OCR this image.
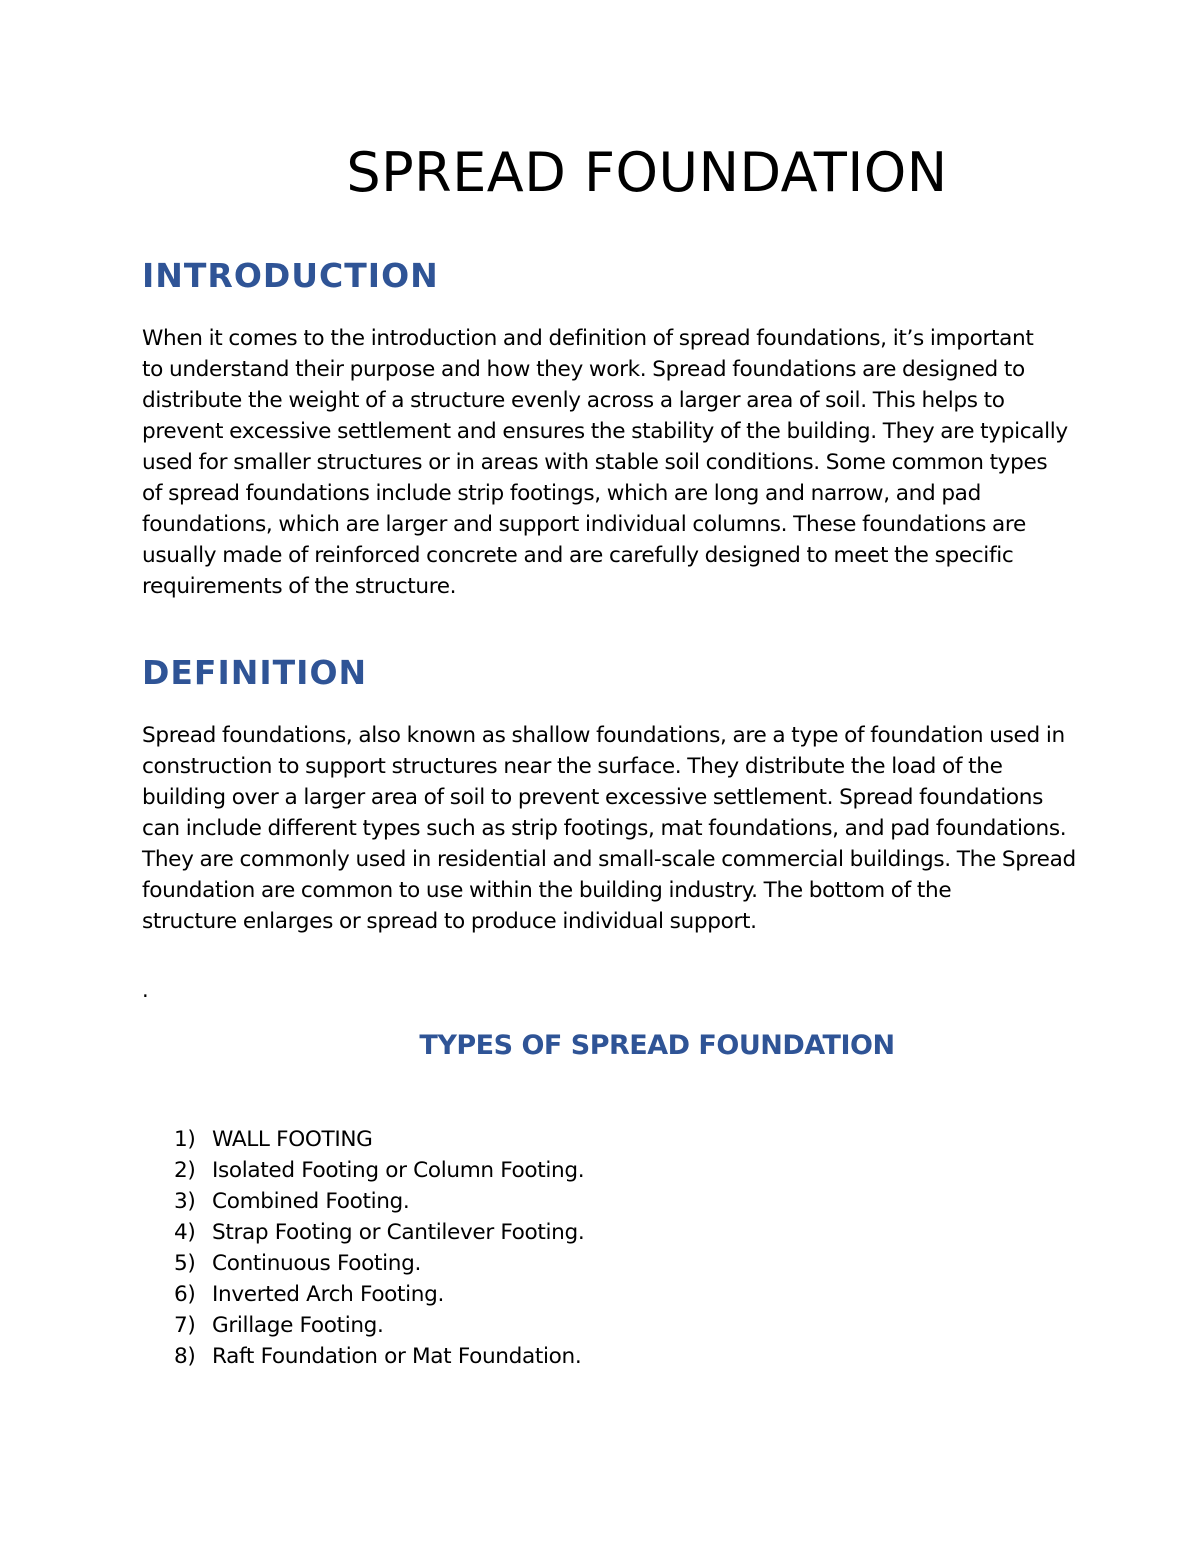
SPREAD FOUNDATION
INTRODUCTION

When it comes to the introduction and definition of spread foundations, it’s important
to understand their purpose and how they work. Spread foundations are designed to
distribute the weight of a structure evenly across a larger area of soil. This helps to
prevent excessive settlement and ensures the stability of the building. They are typically
used for smaller structures or in areas with stable soil conditions. Some common types
of spread foundations include strip footings, which are long and narrow, and pad
foundations, which are larger and support individual columns. These foundations are
usually made of reinforced concrete and are carefully designed to meet the specific
requirements of the structure.

DEFINITION

Spread foundations, also known as shallow foundations, are a type of foundation used in
construction to support structures near the surface. They distribute the load of the
building over a larger area of soil to prevent excessive settlement. Spread foundations
can include different types such as strip footings, mat foundations, and pad foundations.
They are commonly used in residential and small-scale commercial buildings. The Spread
foundation are common to use within the building industry. The bottom of the
structure enlarges or spread to produce individual support.

.
TYPES OF SPREAD FOUNDATION
1) WALL FOOTING
2) Isolated Footing or Column Footing.
3) Combined Footing.
4) Strap Footing or Cantilever Footing.
5) Continuous Footing.
6) Inverted Arch Footing.
7) Grillage Footing.
8) Raft Foundation or Mat Foundation.
